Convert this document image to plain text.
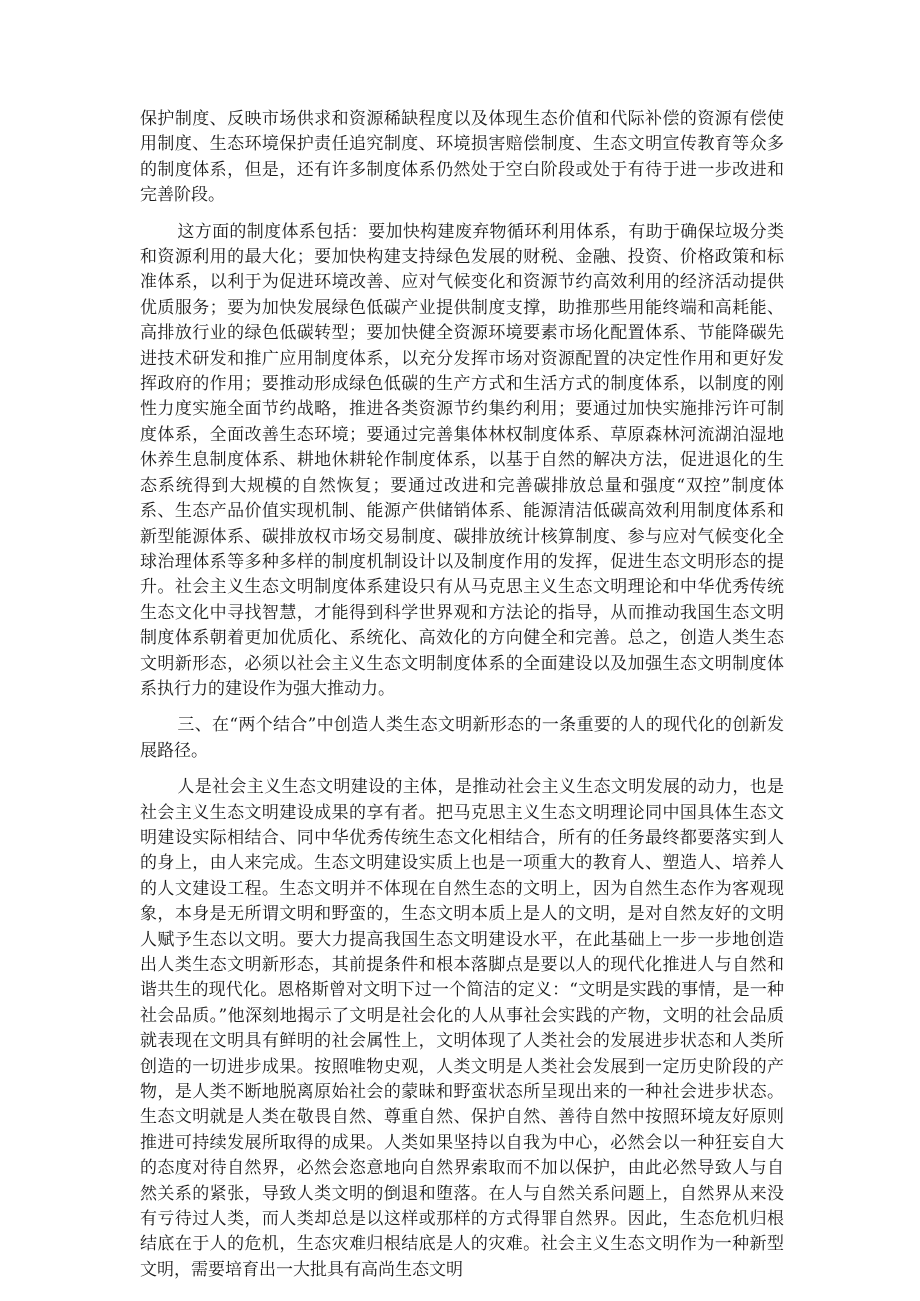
保护制度、反映市场供求和资源稀缺程度以及体现生态价值和代际补偿的资源有偿使用制度、生态环境保护责任追究制度、环境损害赔偿制度、生态文明宣传教育等众多的制度体系，但是，还有许多制度体系仍然处于空白阶段或处于有待于进一步改进和完善阶段。

这方面的制度体系包括：要加快构建废弃物循环利用体系，有助于确保垃圾分类和资源利用的最大化；要加快构建支持绿色发展的财税、金融、投资、价格政策和标准体系，以利于为促进环境改善、应对气候变化和资源节约高效利用的经济活动提供优质服务；要为加快发展绿色低碳产业提供制度支撑，助推那些用能终端和高耗能、高排放行业的绿色低碳转型；要加快健全资源环境要素市场化配置体系、节能降碳先进技术研发和推广应用制度体系，以充分发挥市场对资源配置的决定性作用和更好发挥政府的作用；要推动形成绿色低碳的生产方式和生活方式的制度体系，以制度的刚性力度实施全面节约战略，推进各类资源节约集约利用；要通过加快实施排污许可制度体系，全面改善生态环境；要通过完善集体林权制度体系、草原森林河流湖泊湿地休养生息制度体系、耕地休耕轮作制度体系，以基于自然的解决方法，促进退化的生态系统得到大规模的自然恢复；要通过改进和完善碳排放总量和强度“双控”制度体系、生态产品价值实现机制、能源产供储销体系、能源清洁低碳高效利用制度体系和新型能源体系、碳排放权市场交易制度、碳排放统计核算制度、参与应对气候变化全球治理体系等多种多样的制度机制设计以及制度作用的发挥，促进生态文明形态的提升。社会主义生态文明制度体系建设只有从马克思主义生态文明理论和中华优秀传统生态文化中寻找智慧，才能得到科学世界观和方法论的指导，从而推动我国生态文明制度体系朝着更加优质化、系统化、高效化的方向健全和完善。总之，创造人类生态文明新形态，必须以社会主义生态文明制度体系的全面建设以及加强生态文明制度体系执行力的建设作为强大推动力。

三、在“两个结合”中创造人类生态文明新形态的一条重要的人的现代化的创新发展路径。

人是社会主义生态文明建设的主体，是推动社会主义生态文明发展的动力，也是社会主义生态文明建设成果的享有者。把马克思主义生态文明理论同中国具体生态文明建设实际相结合、同中华优秀传统生态文化相结合，所有的任务最终都要落实到人的身上，由人来完成。生态文明建设实质上也是一项重大的教育人、塑造人、培养人的人文建设工程。生态文明并不体现在自然生态的文明上，因为自然生态作为客观现象，本身是无所谓文明和野蛮的，生态文明本质上是人的文明，是对自然友好的文明人赋予生态以文明。要大力提高我国生态文明建设水平，在此基础上一步一步地创造出人类生态文明新形态，其前提条件和根本落脚点是要以人的现代化推进人与自然和谐共生的现代化。恩格斯曾对文明下过一个简洁的定义：“文明是实践的事情，是一种社会品质。”他深刻地揭示了文明是社会化的人从事社会实践的产物，文明的社会品质就表现在文明具有鲜明的社会属性上，文明体现了人类社会的发展进步状态和人类所创造的一切进步成果。按照唯物史观，人类文明是人类社会发展到一定历史阶段的产物，是人类不断地脱离原始社会的蒙昧和野蛮状态所呈现出来的一种社会进步状态。生态文明就是人类在敬畏自然、尊重自然、保护自然、善待自然中按照环境友好原则推进可持续发展所取得的成果。人类如果坚持以自我为中心，必然会以一种狂妄自大的态度对待自然界，必然会恣意地向自然界索取而不加以保护，由此必然导致人与自然关系的紧张，导致人类文明的倒退和堕落。在人与自然关系问题上，自然界从来没有亏待过人类，而人类却总是以这样或那样的方式得罪自然界。因此，生态危机归根结底在于人的危机，生态灾难归根结底是人的灾难。社会主义生态文明作为一种新型文明，需要培育出一大批具有高尚生态文明
